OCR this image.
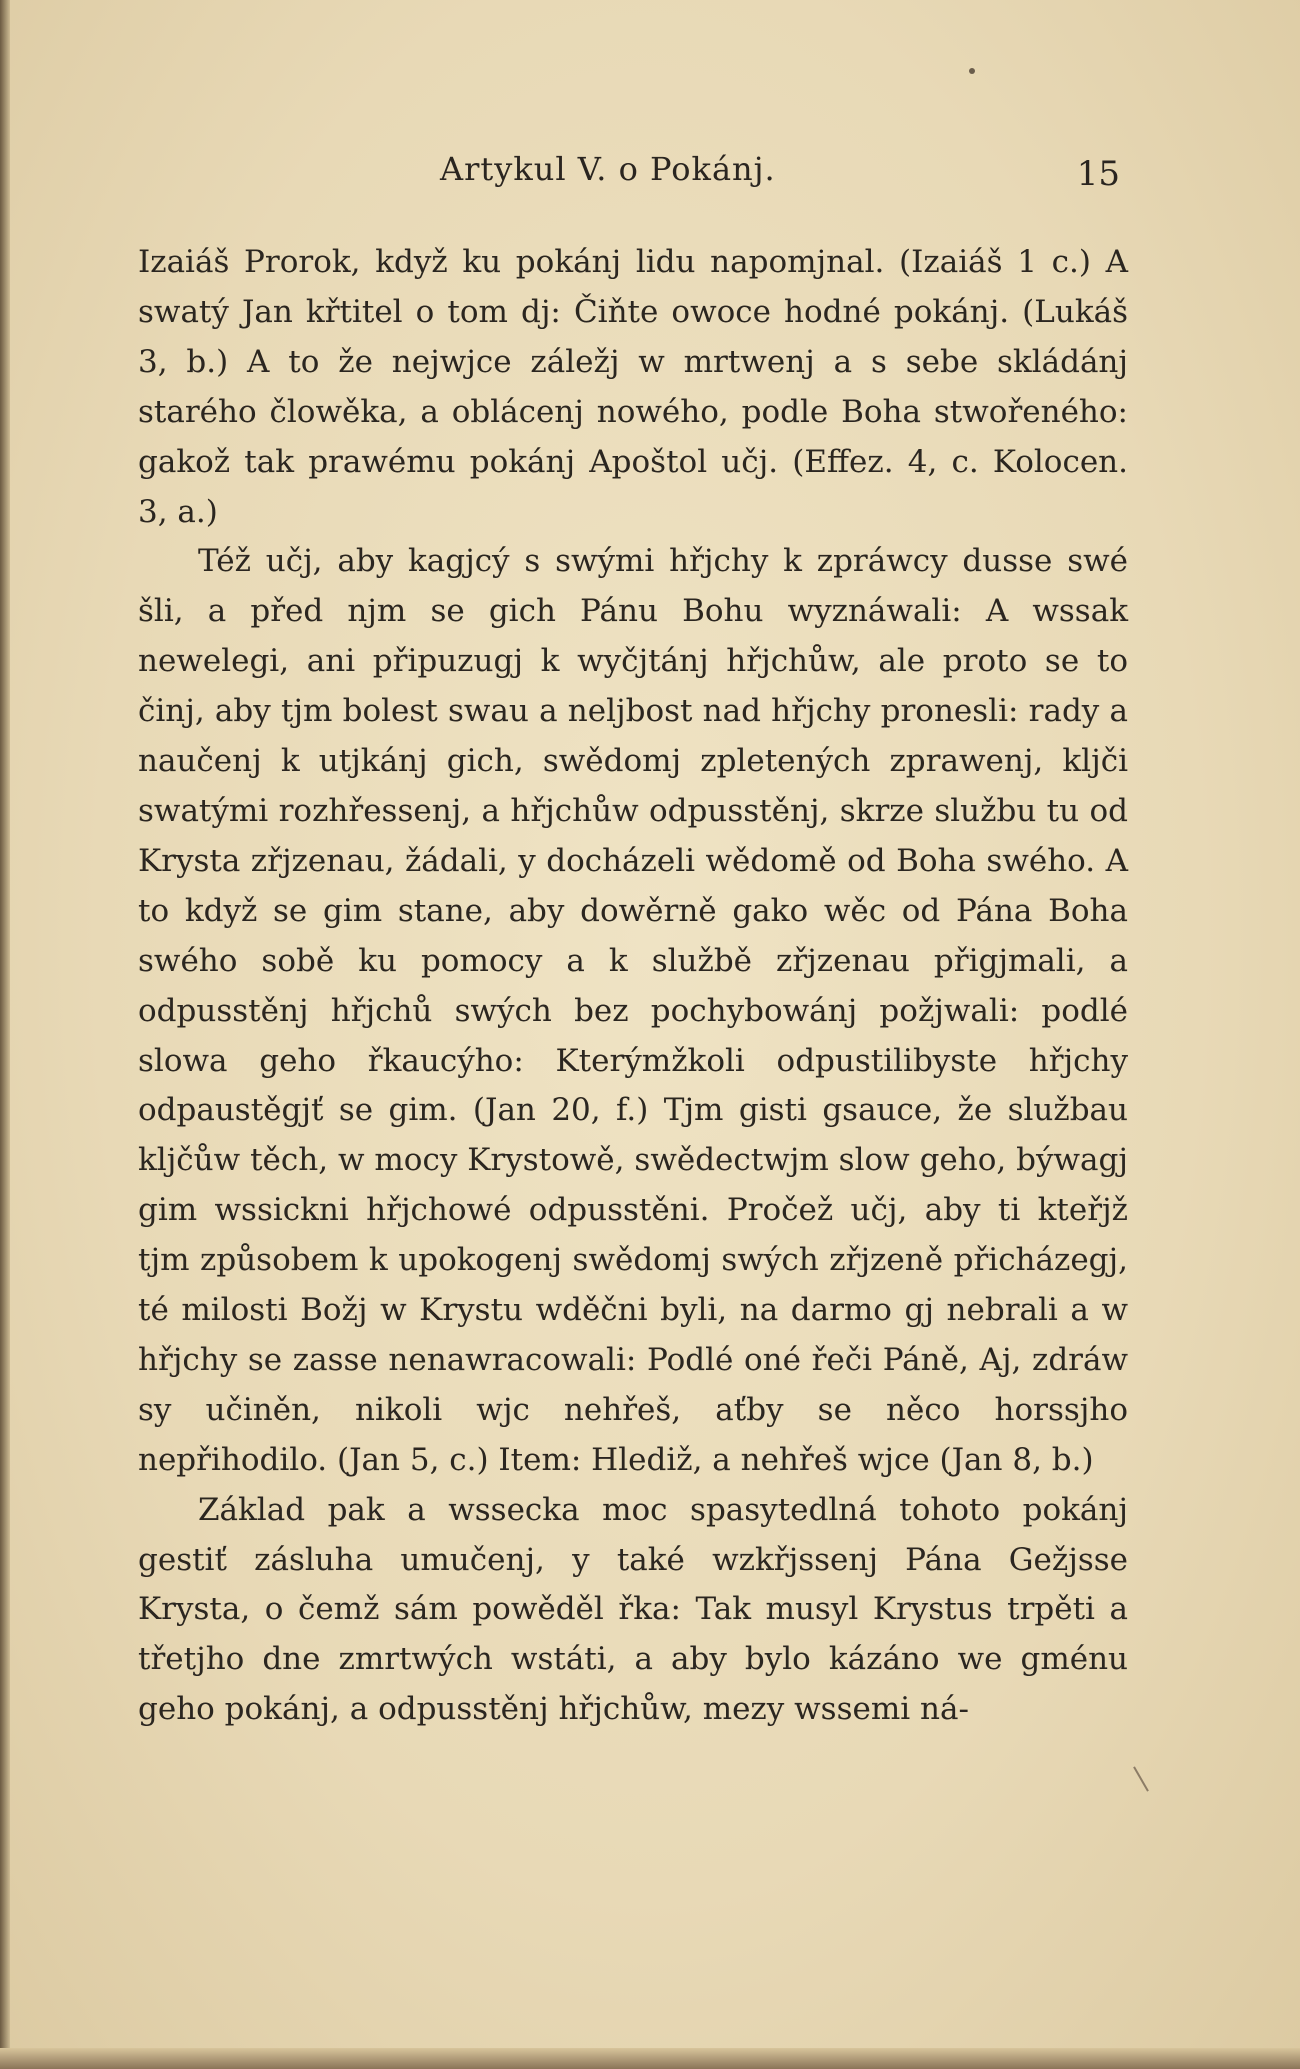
Artykul V. o Pokánj.	15

Izaiáš Prorok, když ku pokánj lidu napomjnal. (Izaiáš 1 c.) A swatý Jan křtitel o tom dj: Čiňte owoce hodné pokánj. (Lukáš 3, b.) A to že nejwjce záležj w mrtwenj a s sebe skládánj starého člowěka, a oblácenj nowého, podle Boha stwořeného: gakož tak prawému pokánj Apoštol učj. (Effez. 4, c. Kolocen. 3, a.)

Též učj, aby kagjcý s swými hřjchy k zpráwcy dusse swé šli, a před njm se gich Pánu Bohu wyznáwali: A wssak newelegi, ani připuzugj k wyčjtánj hřjchůw, ale proto se to činj, aby tjm bolest swau a neljbost nad hřjchy pronesli: rady a naučenj k utjkánj gich, swědomj zpletených zprawenj, kljči swatými rozhřessenj, a hřjchůw odpusstěnj, skrze službu tu od Krysta zřjzenau, žádali, y docházeli wědomě od Boha swého. A to když se gim stane, aby dowěrně gako wěc od Pána Boha swého sobě ku pomocy a k službě zřjzenau přigjmali, a odpusstěnj hřjchů swých bez pochybowánj požjwali: podlé slowa geho řkaucýho: Kterýmžkoli odpustilibyste hřjchy odpaustěgjť se gim. (Jan 20, f.) Tjm gisti gsauce, že službau kljčůw těch, w mocy Krystowě, swědectwjm slow geho, býwagj gim wssickni hřjchowé odpusstěni. Pročež učj, aby ti kteřjž tjm způsobem k upokogenj swědomj swých zřjzeně přicházegj, té milosti Božj w Krystu wděčni byli, na darmo gj nebrali a w hřjchy se zasse nenawracowali: Podlé oné řeči Páně, Aj, zdráw sy učiněn, nikoli wjc nehřeš, aťby se něco horssjho nepřihodilo. (Jan 5, c.) Item: Hlediž, a nehřeš wjce (Jan 8, b.)

Základ pak a wsseckа moc spasytedlná tohoto pokánj gestiť zásluha umučenj, y také wzkřjssenj Pána Gežjsse Krysta, o čemž sám powěděl řka: Tak musyl Krystus trpěti a třetjho dne zmrtwých wstáti, a aby bylo kázáno we gménu geho pokánj, a odpusstěnj hřjchůw, mezy wssemi ná-
